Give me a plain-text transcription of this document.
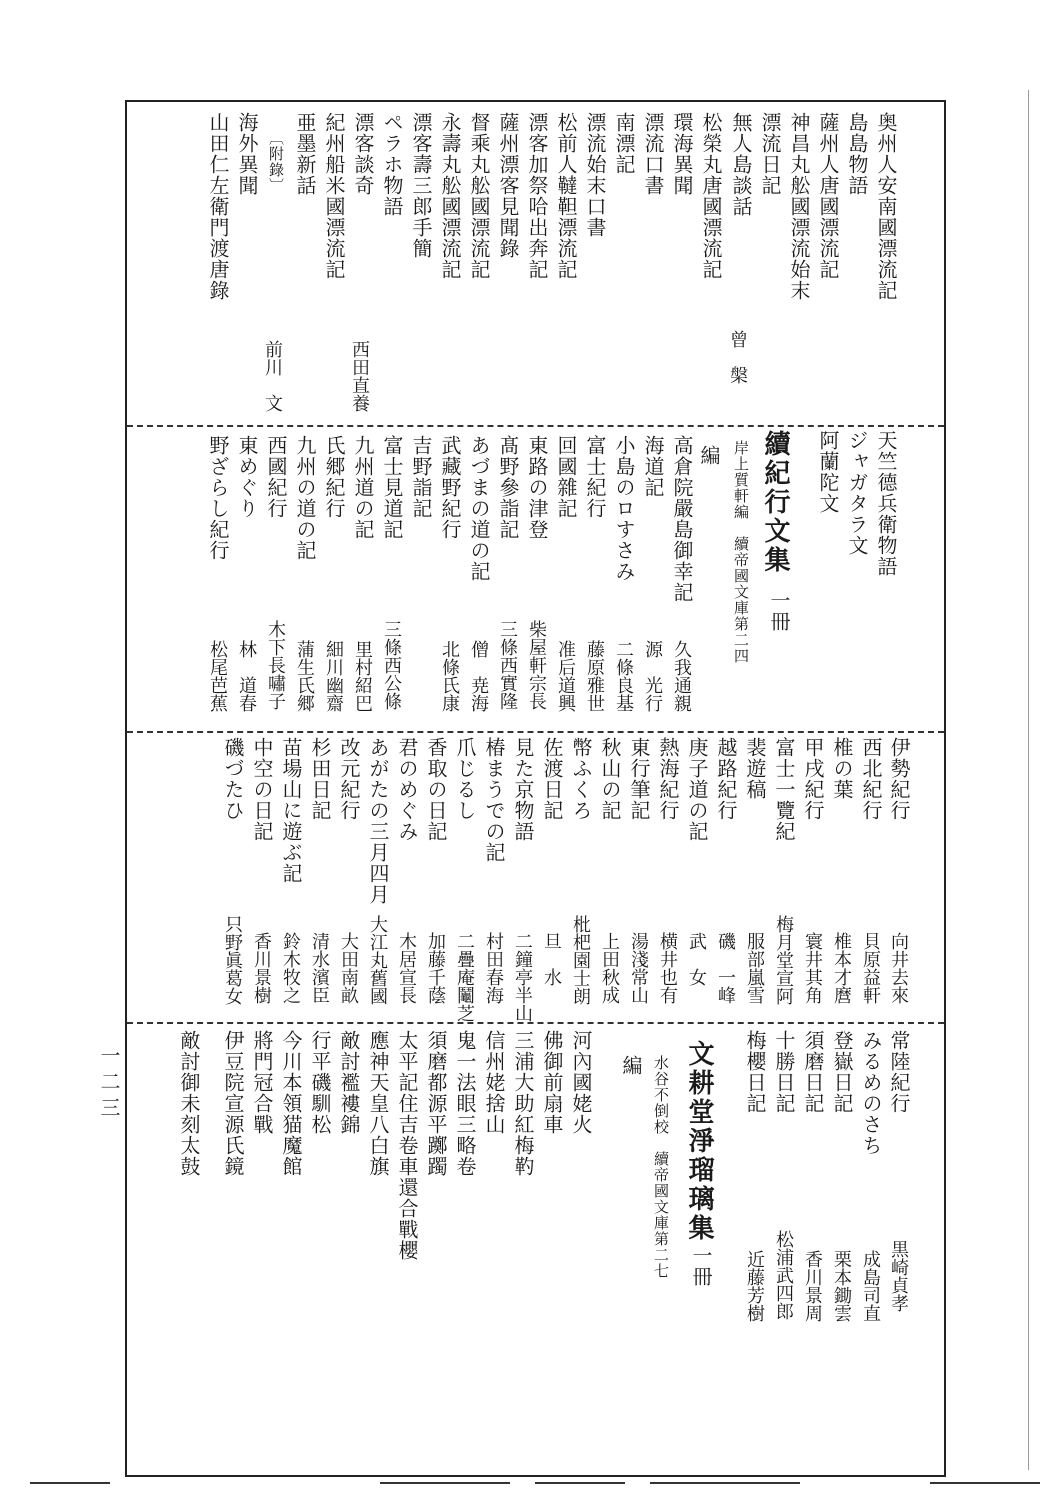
一二三
奥州人安南國漂流記
島島物語
薩州人唐國漂流記
神昌丸舩國漂流始末
漂流日記
無人島談話
松榮丸唐國漂流記
環海異聞
漂流口書
南漂記
漂流始末口書
松前人韃靼漂流記
漂客加祭哈出奔記
薩州漂客見聞錄
督乘丸舩國漂流記
永壽丸舩國漂流記
漂客壽三郎手簡
ペラホ物語
漂客談奇
紀州船米國漂流記
亜墨新話
〔附錄〕
海外異聞
山田仁左衛門渡唐錄
曾　槃
西田直養
前川　文
天竺德兵衛物語
ジャガタラ文
阿蘭陀文
續紀行文集
一冊
岸上質軒編　續帝國文庫第二四
編
高倉院嚴島御幸記
海道記
小島のロすさみ
富士紀行
回國雜記
東路の津登
髙野參詣記
あづまの道の記
武藏野紀行
吉野詣記
富士見道記
九州道の記
氏郷紀行
九州の道の記
西國紀行
東めぐり
野ざらし紀行
久我通親
源　光行
二條良基
藤原雅世
准后道興
柴屋軒宗長
三條西實隆
僧　尭海
北條氏康
三條西公條
里村紹巴
細川幽齋
蒲生氏郷
木下長嘯子
林　道春
松尾芭蕉
伊勢紀行
西北紀行
椎の葉
甲戌紀行
富士一覽紀
裴遊稿
越路紀行
庚子道の記
熱海紀行
東行筆記
秋山の記
幣ふくろ
佐渡日記
見た京物語
椿まうでの記
爪じるし
香取の日記
君のめぐみ
あがたの三月四月
改元紀行
杉田日記
苗場山に遊ぶ記
中空の日記
磯づたひ
向井去來
貝原益軒
椎本才麿
寰井其角
梅月堂宣阿
服部嵐雪
磯　一峰
武　女
横井也有
湯淺常山
上田秋成
枇杷園士朗
旦　水
二鐘亭半山
村田春海
二疊庵鬮芝
加藤千蔭
木居宣長
大江丸舊國
大田南畝
清水濱臣
鈴木牧之
香川景樹
只野眞葛女
常陸紀行
みるめのさち
登嶽日記
須磨日記
十勝日記
梅櫻日記
黒崎貞孝
成島司直
栗本鋤雲
香川景周
松浦武四郎
近藤芳樹
文耕堂淨瑠璃集
一冊
水谷不倒校　續帝國文庫第二七
編
河內國姥火
佛御前扇車
三浦大助紅梅靮
信州姥捨山
鬼一法眼三略卷
須磨都源平躑躅
太平記住吉卷車還合戰櫻
應神天皇八白旗
敵討襤褸錦
行平磯馴松
今川本領猫魔館
將門冠合戰
伊豆院宣源氏鏡
敵討御未刻太鼓
